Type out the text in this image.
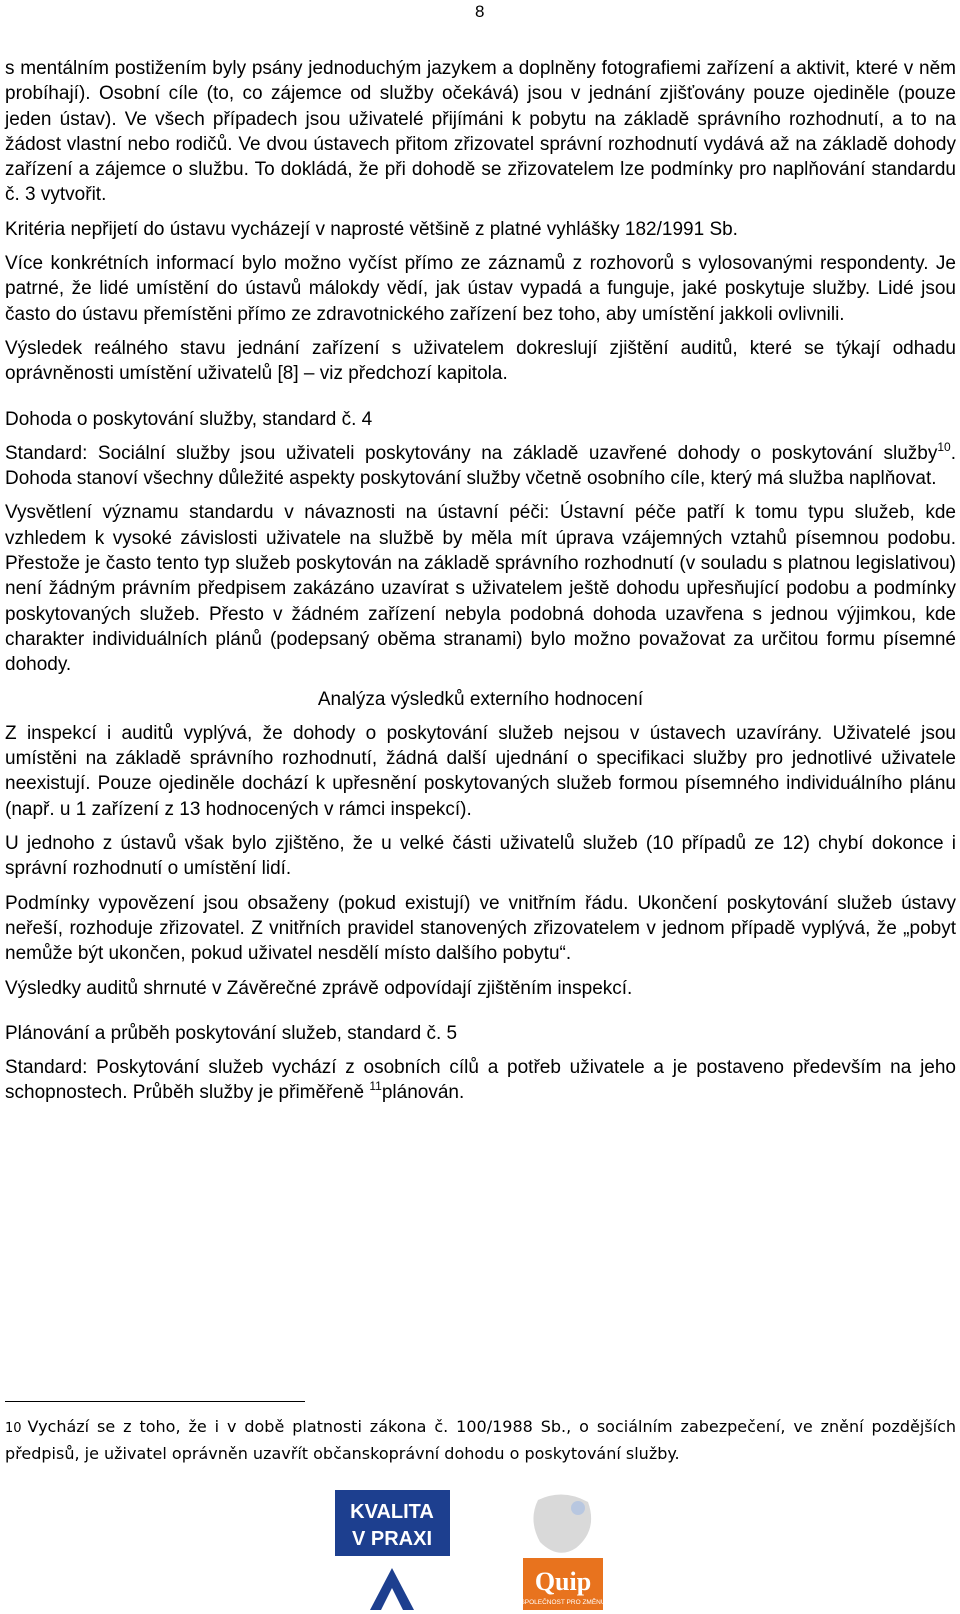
8

s mentálním postižením byly psány jednoduchým jazykem a doplněny fotografiemi zařízení a aktivit, které v něm probíhají). Osobní cíle (to, co zájemce od služby očekává) jsou v jednání zjišťovány pouze ojediněle (pouze jeden ústav). Ve všech případech jsou uživatelé přijímáni k pobytu na základě správního rozhodnutí, a to na žádost vlastní nebo rodičů. Ve dvou ústavech přitom zřizovatel správní rozhodnutí vydává až na základě dohody zařízení a zájemce o službu. To dokládá, že při dohodě se zřizovatelem lze podmínky pro naplňování standardu č. 3 vytvořit.

Kritéria nepřijetí do ústavu vycházejí v naprosté většině z platné vyhlášky 182/1991 Sb.

Více konkrétních informací bylo možno vyčíst přímo ze záznamů z rozhovorů s vylosovanými respondenty. Je patrné, že lidé umístění do ústavů málokdy vědí, jak ústav vypadá a funguje, jaké poskytuje služby. Lidé jsou často do ústavu přemístěni přímo ze zdravotnického zařízení bez toho, aby umístění jakkoli ovlivnili.

Výsledek reálného stavu jednání zařízení s uživatelem dokreslují zjištění auditů, které se týkají odhadu oprávněnosti umístění uživatelů [8] – viz předchozí kapitola.

Dohoda o poskytování služby, standard č. 4

Standard: Sociální služby jsou uživateli poskytovány na základě uzavřené dohody o poskytování služby$^{10}$. Dohoda stanoví všechny důležité aspekty poskytování služby včetně osobního cíle, který má služba naplňovat.

Vysvětlení významu standardu v návaznosti na ústavní péči: Ústavní péče patří k tomu typu služeb, kde vzhledem k vysoké závislosti uživatele na službě by měla mít úprava vzájemných vztahů písemnou podobu. Přestože je často tento typ služeb poskytován na základě správního rozhodnutí (v souladu s platnou legislativou) není žádným právním předpisem zakázáno uzavírat s uživatelem ještě dohodu upřesňující podobu a podmínky poskytovaných služeb. Přesto v žádném zařízení nebyla podobná dohoda uzavřena s jednou výjimkou, kde charakter individuálních plánů (podepsaný oběma stranami) bylo možno považovat za určitou formu písemné dohody.

Analýza výsledků externího hodnocení

Z inspekcí i auditů vyplývá, že dohody o poskytování služeb nejsou v ústavech uzavírány. Uživatelé jsou umístěni na základě správního rozhodnutí, žádná další ujednání o specifikaci služby pro jednotlivé uživatele neexistují. Pouze ojediněle dochází k upřesnění poskytovaných služeb formou písemného individuálního plánu (např. u 1 zařízení z 13 hodnocených v rámci inspekcí).

U jednoho z ústavů však bylo zjištěno, že u velké části uživatelů služeb (10 případů ze 12) chybí dokonce i správní rozhodnutí o umístění lidí.

Podmínky vypovězení jsou obsaženy (pokud existují) ve vnitřním řádu. Ukončení poskytování služeb ústavy neřeší, rozhoduje zřizovatel. Z vnitřních pravidel stanovených zřizovatelem v jednom případě vyplývá, že „pobyt nemůže být ukončen, pokud uživatel nesdělí místo dalšího pobytu“.

Výsledky auditů shrnuté v Závěrečné zprávě odpovídají zjištěním inspekcí.

Plánování a průběh poskytování služeb, standard č. 5

Standard: Poskytování služeb vychází z osobních cílů a potřeb uživatele a je postaveno především na jeho schopnostech. Průběh služby je přiměřeně $^{11}$plánován.

10 Vychází se z toho, že i v době platnosti zákona č. 100/1988 Sb., o sociálním zabezpečení, ve znění pozdějších předpisů, je uživatel oprávněn uzavřít občanskoprávní dohodu o poskytování služby.
KVALITA
V PRAXI
Quip
SPOLEČNOST PRO ZMĚNU
